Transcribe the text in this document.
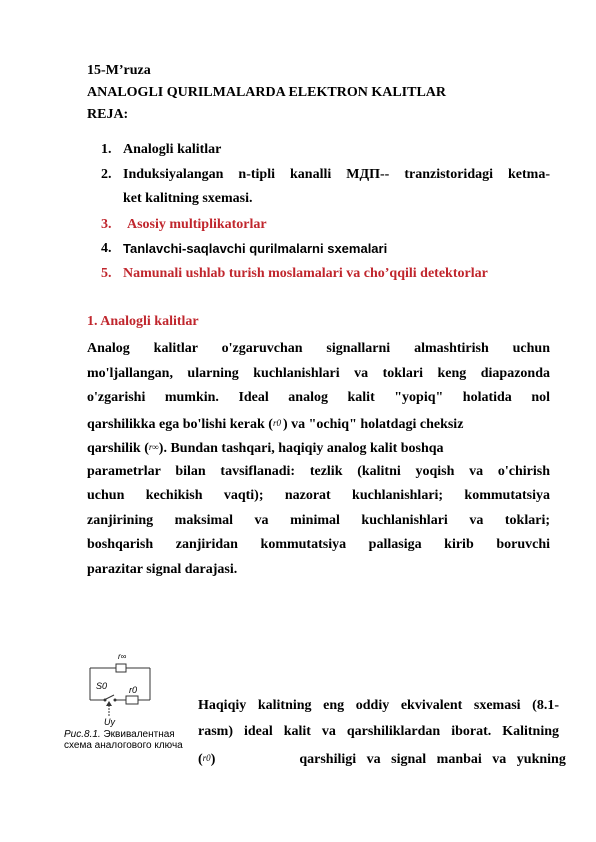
15-M’ruza
ANALOGLI QURILMALARDA ELEKTRON KALITLAR
REJA:
1. Analogli kalitlar
2. Induksiyalangan n-tipli kanalli МДП-- tranzistoridagi ketma-
ket kalitning sxemasi.
3. Asosiy multiplikatorlar
4. Tanlavchi-saqlavchi qurilmalarni sxemalari
5. Namunali ushlab turish moslamalari va cho’qqili detektorlar
1. Analogli kalitlar
Analog kalitlar o'zgaruvchan signallarni almashtirish uchun
mo'ljallangan, ularning kuchlanishlari va toklari keng diapazonda
o'zgarishi mumkin. Ideal analog kalit "yopiq" holatida nol
qarshilikka ega bo'lishi kerak (r0 ) va "ochiq" holatdagi cheksiz
qarshilik (r∞). Bundan tashqari, haqiqiy analog kalit boshqa
parametrlar bilan tavsiflanadi: tezlik (kalitni yoqish va o'chirish
uchun kechikish vaqti); nazorat kuchlanishlari; kommutatsiya
zanjirining maksimal va minimal kuchlanishlari va toklari;
boshqarish zanjiridan kommutatsiya pallasiga kirib boruvchi
parazitar signal darajasi.
r∞
S0 r0
Uy
Рис.8.1. Эквивалентная
схема аналогового ключа
Haqiqiy kalitning eng oddiy ekvivalent sxemasi (8.1-
rasm) ideal kalit va qarshiliklardan iborat. Kalitning
(r0)        qarshiligi va signal manbai va yukning
